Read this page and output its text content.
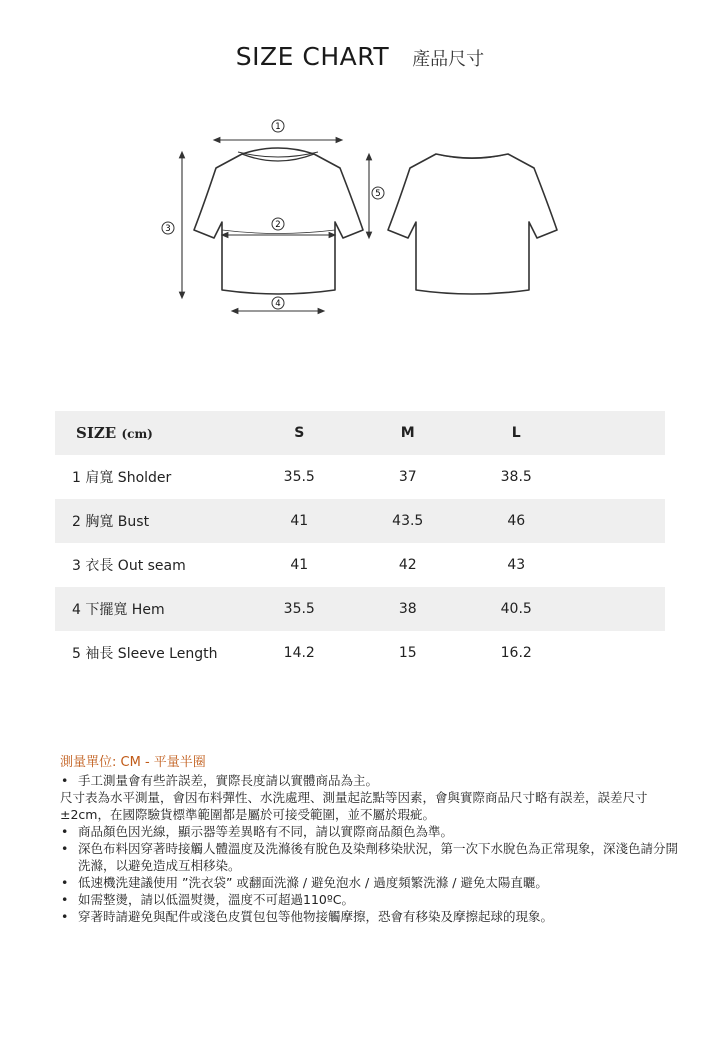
SIZE CHART 產品尺寸
1
2
3
4
5
SIZE (cm)	S	M	L	
1 肩寬 Sholder	35.5	37	38.5	
2 胸寬 Bust	41	43.5	46	
3 衣長 Out seam	41	42	43	
4 下擺寬 Hem	35.5	38	40.5	
5 袖長 Sleeve Length	14.2	15	16.2	
測量單位: CM - 平量半圈
• 手工測量會有些許誤差，實際長度請以實體商品為主。
尺寸表為水平測量，會因布料彈性、水洗處理、測量起訖點等因素，會與實際商品尺寸略有誤差，誤差尺寸±2cm，在國際驗貨標準範圍都是屬於可接受範圍，並不屬於瑕疵。
• 商品顏色因光線，顯示器等差異略有不同，請以實際商品顏色為準。
• 深色布料因穿著時接觸人體溫度及洗滌後有脫色及染劑移染狀況，第一次下水脫色為正常現象，深淺色請分開洗滌，以避免造成互相移染。
• 低速機洗建議使用 ”洗衣袋” 或翻面洗滌 / 避免泡水 / 過度頻繁洗滌 / 避免太陽直曬。
• 如需整燙，請以低溫熨燙，溫度不可超過110ºC。
• 穿著時請避免與配件或淺色皮質包包等他物接觸摩擦，恐會有移染及摩擦起球的現象。
